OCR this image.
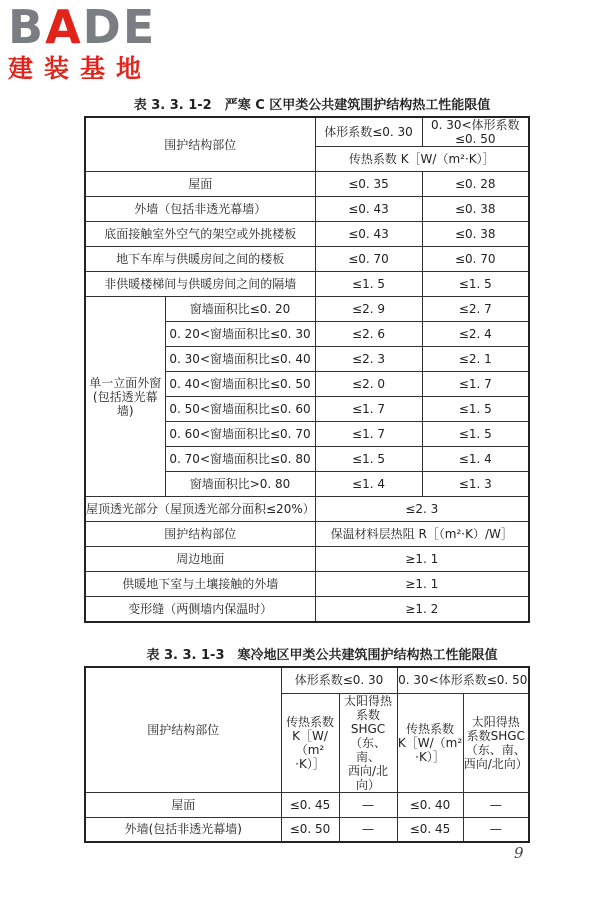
BADE
建装基地
表 3. 3. 1-2　严寒 C 区甲类公共建筑围护结构热工性能限值
围护结构部位		体形系数≤0. 30	0. 30<体形系数≤0. 50
		传热系数 K［W/（m²·K）］	
屋面		≤0. 35	≤0. 28
外墙（包括非透光幕墙）		≤0. 43	≤0. 38
底面接触室外空气的架空或外挑楼板		≤0. 43	≤0. 38
地下车库与供暖房间之间的楼板		≤0. 70	≤0. 70
非供暖楼梯间与供暖房间之间的隔墙		≤1. 5	≤1. 5
单一立面外窗
(包括透光幕墙)	窗墙面积比≤0. 20	≤2. 9	≤2. 7
	0. 20<窗墙面积比≤0. 30	≤2. 6	≤2. 4
	0. 30<窗墙面积比≤0. 40	≤2. 3	≤2. 1
	0. 40<窗墙面积比≤0. 50	≤2. 0	≤1. 7
	0. 50<窗墙面积比≤0. 60	≤1. 7	≤1. 5
	0. 60<窗墙面积比≤0. 70	≤1. 7	≤1. 5
	0. 70<窗墙面积比≤0. 80	≤1. 5	≤1. 4
	窗墙面积比>0. 80	≤1. 4	≤1. 3
屋顶透光部分（屋顶透光部分面积≤20%）		≤2. 3	
围护结构部位		保温材料层热阻 R［（m²·K）/W］	
周边地面		≥1. 1	
供暖地下室与土壤接触的外墙		≥1. 1	
变形缝（两侧墙内保温时）		≥1. 2	
表 3. 3. 1-3　寒冷地区甲类公共建筑围护结构热工性能限值
围护结构部位	体形系数≤0. 30		0. 30<体形系数≤0. 50	
	传热系数
K［W/（m²
·K）］	太阳得热
系数SHGC
（东、南、
西向/北向）	传热系数
K［W/（m²
·K）］	太阳得热
系数SHGC
（东、南、
西向/北向）
屋面	≤0. 45	—	≤0. 40	—
外墙(包括非透光幕墙)	≤0. 50	—	≤0. 45	—
9
